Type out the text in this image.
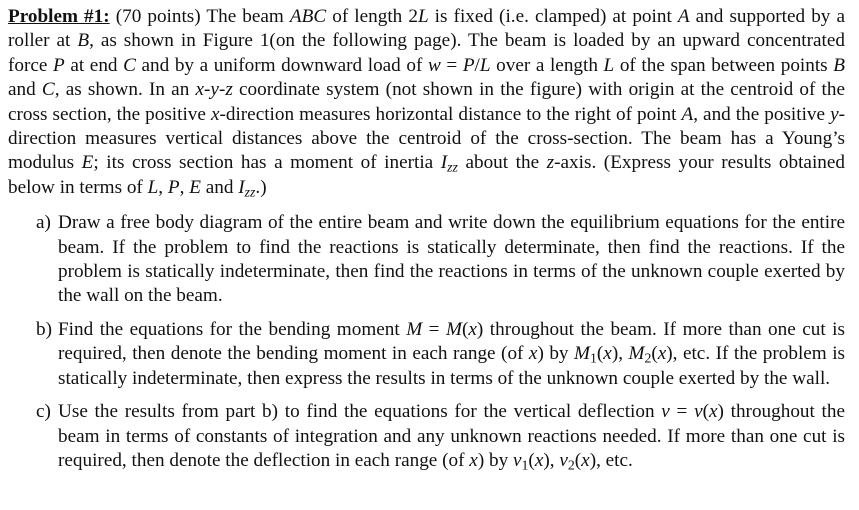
Problem #1: (70 points) The beam ABC of length 2L is fixed (i.e. clamped) at point A and supported by a roller at B, as shown in Figure 1(on the following page). The beam is loaded by an upward concentrated force P at end C and by a uniform downward load of w = P/L over a length L of the span between points B and C, as shown. In an x-y-z coordinate system (not shown in the figure) with origin at the centroid of the cross section, the positive x-direction measures horizontal distance to the right of point A, and the positive y-direction measures vertical distances above the centroid of the cross-section. The beam has a Young’s modulus E; its cross section has a moment of inertia Izz about the z-axis. (Express your results obtained below in terms of L, P, E and Izz.)

a) Draw a free body diagram of the entire beam and write down the equilibrium equations for the entire beam. If the problem to find the reactions is statically determinate, then find the reactions. If the problem is statically indeterminate, then find the reactions in terms of the unknown couple exerted by the wall on the beam.
b) Find the equations for the bending moment M = M(x) throughout the beam. If more than one cut is required, then denote the bending moment in each range (of x) by M1(x), M2(x), etc. If the problem is statically indeterminate, then express the results in terms of the unknown couple exerted by the wall.
c) Use the results from part b) to find the equations for the vertical deflection v = v(x) throughout the beam in terms of constants of integration and any unknown reactions needed. If more than one cut is required, then denote the deflection in each range (of x) by v1(x), v2(x), etc.
